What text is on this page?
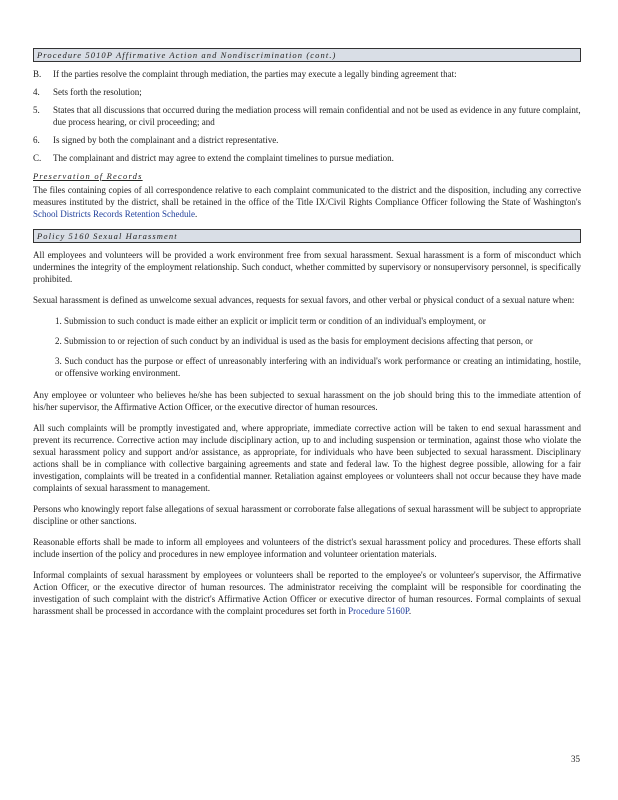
Procedure 5010P Affirmative Action and Nondiscrimination (cont.)
B.	If the parties resolve the complaint through mediation, the parties may execute a legally binding agreement that:
4.	Sets forth the resolution;
5.	States that all discussions that occurred during the mediation process will remain confidential and not be used as evidence in any future complaint, due process hearing, or civil proceeding; and
6.	Is signed by both the complainant and a district representative.
C.	The complainant and district may agree to extend the complaint timelines to pursue mediation.
Preservation of Records

The files containing copies of all correspondence relative to each complaint communicated to the district and the disposition, including any corrective measures instituted by the district, shall be retained in the office of the Title IX/Civil Rights Compliance Officer following the State of Washington's School Districts Records Retention Schedule.

Policy 5160 Sexual Harassment

All employees and volunteers will be provided a work environment free from sexual harassment. Sexual harassment is a form of misconduct which undermines the integrity of the employment relationship. Such conduct, whether committed by supervisory or nonsupervisory personnel, is specifically prohibited.

Sexual harassment is defined as unwelcome sexual advances, requests for sexual favors, and other verbal or physical conduct of a sexual nature when:

1. Submission to such conduct is made either an explicit or implicit term or condition of an individual's employment, or
2. Submission to or rejection of such conduct by an individual is used as the basis for employment decisions affecting that person, or
3. Such conduct has the purpose or effect of unreasonably interfering with an individual's work performance or creating an intimidating, hostile, or offensive working environment.

Any employee or volunteer who believes he/she has been subjected to sexual harassment on the job should bring this to the immediate attention of his/her supervisor, the Affirmative Action Officer, or the executive director of human resources.

All such complaints will be promptly investigated and, where appropriate, immediate corrective action will be taken to end sexual harassment and prevent its recurrence. Corrective action may include disciplinary action, up to and including suspension or termination, against those who violate the sexual harassment policy and support and/or assistance, as appropriate, for individuals who have been subjected to sexual harassment. Disciplinary actions shall be in compliance with collective bargaining agreements and state and federal law. To the highest degree possible, allowing for a fair investigation, complaints will be treated in a confidential manner. Retaliation against employees or volunteers shall not occur because they have made complaints of sexual harassment to management.

Persons who knowingly report false allegations of sexual harassment or corroborate false allegations of sexual harassment will be subject to appropriate discipline or other sanctions.

Reasonable efforts shall be made to inform all employees and volunteers of the district's sexual harassment policy and procedures. These efforts shall include insertion of the policy and procedures in new employee information and volunteer orientation materials.

Informal complaints of sexual harassment by employees or volunteers shall be reported to the employee's or volunteer's supervisor, the Affirmative Action Officer, or the executive director of human resources. The administrator receiving the complaint will be responsible for coordinating the investigation of such complaint with the district's Affirmative Action Officer or executive director of human resources. Formal complaints of sexual harassment shall be processed in accordance with the complaint procedures set forth in Procedure 5160P.

35
